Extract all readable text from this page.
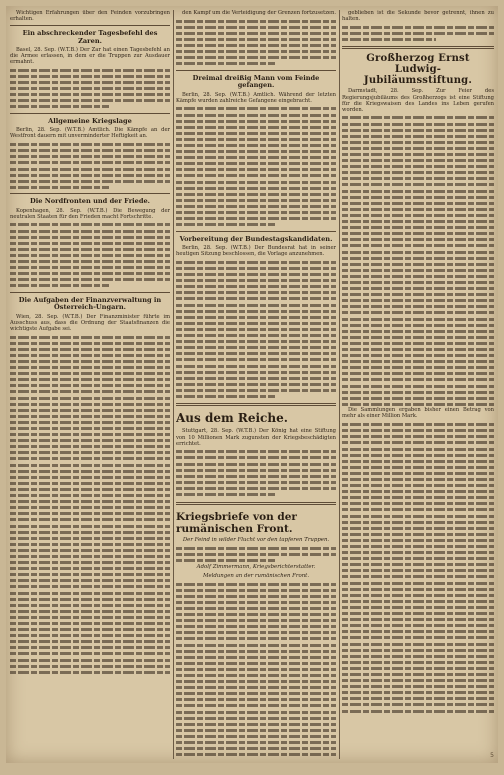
Wichtigen Erfahrungen über den Feinden vorzubringen erhalten.

Ein abschreckender Tagesbefehl des Zaren.

Basel, 28. Sep. (W.T.B.) Der Zar hat einen Tagesbefehl an die Armee erlassen, in dem er die Truppen zur Ausdauer ermahnt.

Allgemeine Kriegslage

Berlin, 28. Sep. (W.T.B.) Amtlich. Die Kämpfe an der Westfront dauern mit unverminderter Heftigkeit an.

Die Nordfronten und der Friede.

Kopenhagen, 28. Sep. (W.T.B.) Die Bewegung der neutralen Staaten für den Frieden macht Fortschritte.

Die Aufgaben der Finanzverwaltung in Österreich-Ungarn.

Wien, 28. Sep. (W.T.B.) Der Finanzminister führte im Ausschuss aus, dass die Ordnung der Staatsfinanzen die wichtigste Aufgabe sei.

den Kampf um die Verteidigung der Grenzen fortzusetzen.

Dreimal dreißig Mann vom Feinde gefangen.

Berlin, 28. Sep. (W.T.B.) Amtlich. Während der letzten Kämpfe wurden zahlreiche Gefangene eingebracht.

Vorbereitung der Bundestagskandidaten.

Berlin, 28. Sep. (W.T.B.) Der Bundesrat hat in seiner heutigen Sitzung beschlossen, die Vorlage anzunehmen.

Aus dem Reiche.

Stuttgart, 28. Sep. (W.T.B.) Der König hat eine Stiftung von 10 Millionen Mark zugunsten der Kriegsbeschädigten errichtet.

Kriegsbriefe von der rumänischen Front.
Der Feind in wilder Flucht vor den tapferen Truppen.
Adolf Zimmermann, Kriegsberichterstatter.
Meldungen an der rumänischen Front.

geblieben ist die Sekunde bevor getrennt, ihnen zu halten.

Großherzog Ernst Ludwig-Jubiläumsstiftung.

Darmstadt, 28. Sep. Zur Feier des Regierungsjubiläums des Großherzogs ist eine Stiftung für die Kriegswaisen des Landes ins Leben gerufen worden.

Die Sammlungen ergaben bisher einen Betrag von mehr als einer Million Mark.

5
